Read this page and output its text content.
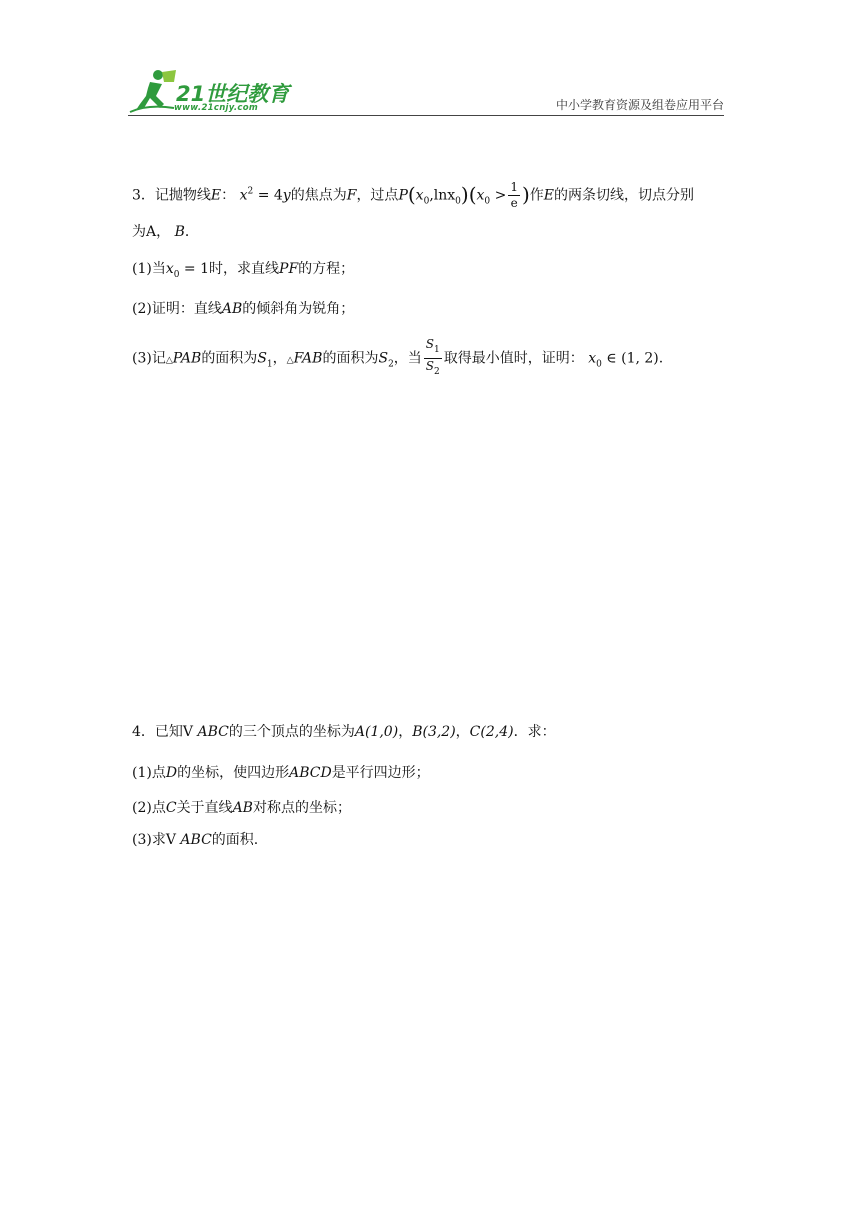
21世纪教育
www.21cnjy.com	中小学教育资源及组卷应用平台
3．记抛物线E： $x^2 = 4y$的焦点为F，过点$P(x_0,\ln x_0)(x_0 > \frac{1}{e}$ )作E的两条切线，切点分别
为A， B．
(1)当$x_0 = 1$时，求直线PF的方程；
(2)证明：直线AB的倾斜角为锐角；
(3)记△PAB的面积为$S_1$，△FAB的面积为$S_2$，当 $\frac{S_1}{S_2}$ 取得最小值时，证明： $x_0$ ∈ (1, 2).
4．已知V ABC的三个顶点的坐标为A(1,0)，B(3,2)，C(2,4)．求：
(1)点D的坐标，使四边形ABCD是平行四边形；
(2)点C关于直线AB对称点的坐标；
(3)求V ABC的面积.
